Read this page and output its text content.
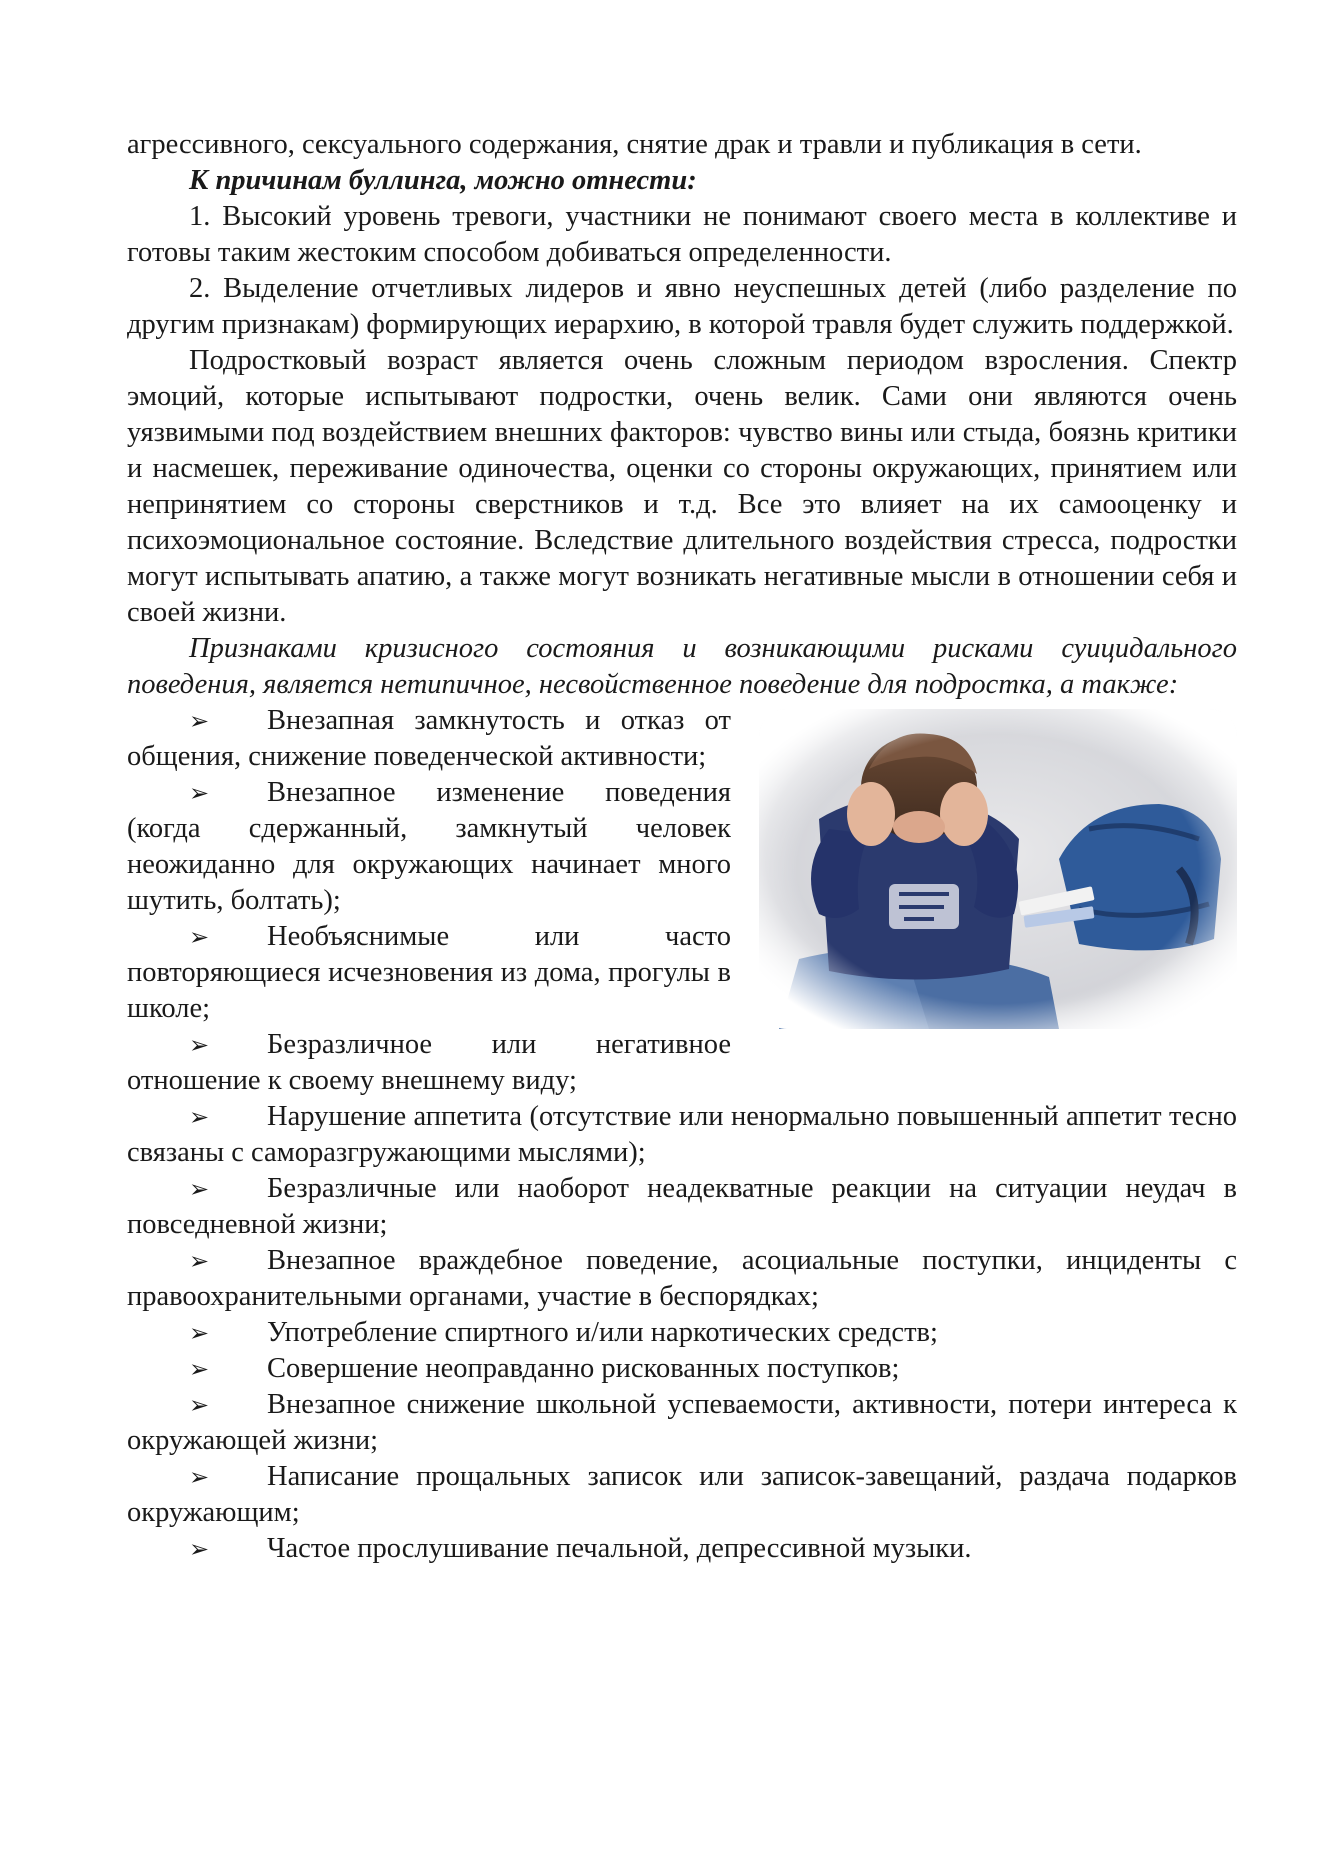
агрессивного, сексуального содержания, снятие драк и травли и публикация в сети.

К причинам буллинга, можно отнести:

1. Высокий уровень тревоги, участники не понимают своего места в коллективе и готовы таким жестоким способом добиваться определенности.

2. Выделение отчетливых лидеров и явно неуспешных детей (либо разделение по другим признакам) формирующих иерархию, в которой травля будет служить поддержкой.

Подростковый возраст является очень сложным периодом взросления. Спектр эмоций, которые испытывают подростки, очень велик. Сами они являются очень уязвимыми под воздействием внешних факторов: чувство вины или стыда, боязнь критики и насмешек, переживание одиночества, оценки со стороны окружающих, принятием или непринятием со стороны сверстников и т.д. Все это влияет на их самооценку и психоэмоциональное состояние. Вследствие длительного воздействия стресса, подростки могут испытывать апатию, а также могут возникать негативные мысли в отношении себя и своей жизни.

Признаками кризисного состояния и возникающими рисками суицидального поведения, является нетипичное, несвойственное поведение для подростка, а также:

➢ Внезапная замкнутость и отказ от общения, снижение поведенческой активности;

➢ Внезапное изменение поведения (когда сдержанный, замкнутый человек неожиданно для окружающих начинает много шутить, болтать);

➢ Необъяснимые или часто повторяющиеся исчезновения из дома, прогулы в школе;

➢ Безразличное или негативное отношение к своему внешнему виду;

➢ Нарушение аппетита (отсутствие или ненормально повышенный аппетит тесно связаны с саморазгружающими мыслями);

➢ Безразличные или наоборот неадекватные реакции на ситуации неудач в повседневной жизни;

➢ Внезапное враждебное поведение, асоциальные поступки, инциденты с правоохранительными органами, участие в беспорядках;

➢ Употребление спиртного и/или наркотических средств;

➢ Совершение неоправданно рискованных поступков;

➢ Внезапное снижение школьной успеваемости, активности, потери интереса к окружающей жизни;

➢ Написание прощальных записок или записок-завещаний, раздача подарков окружающим;

➢ Частое прослушивание печальной, депрессивной музыки.
